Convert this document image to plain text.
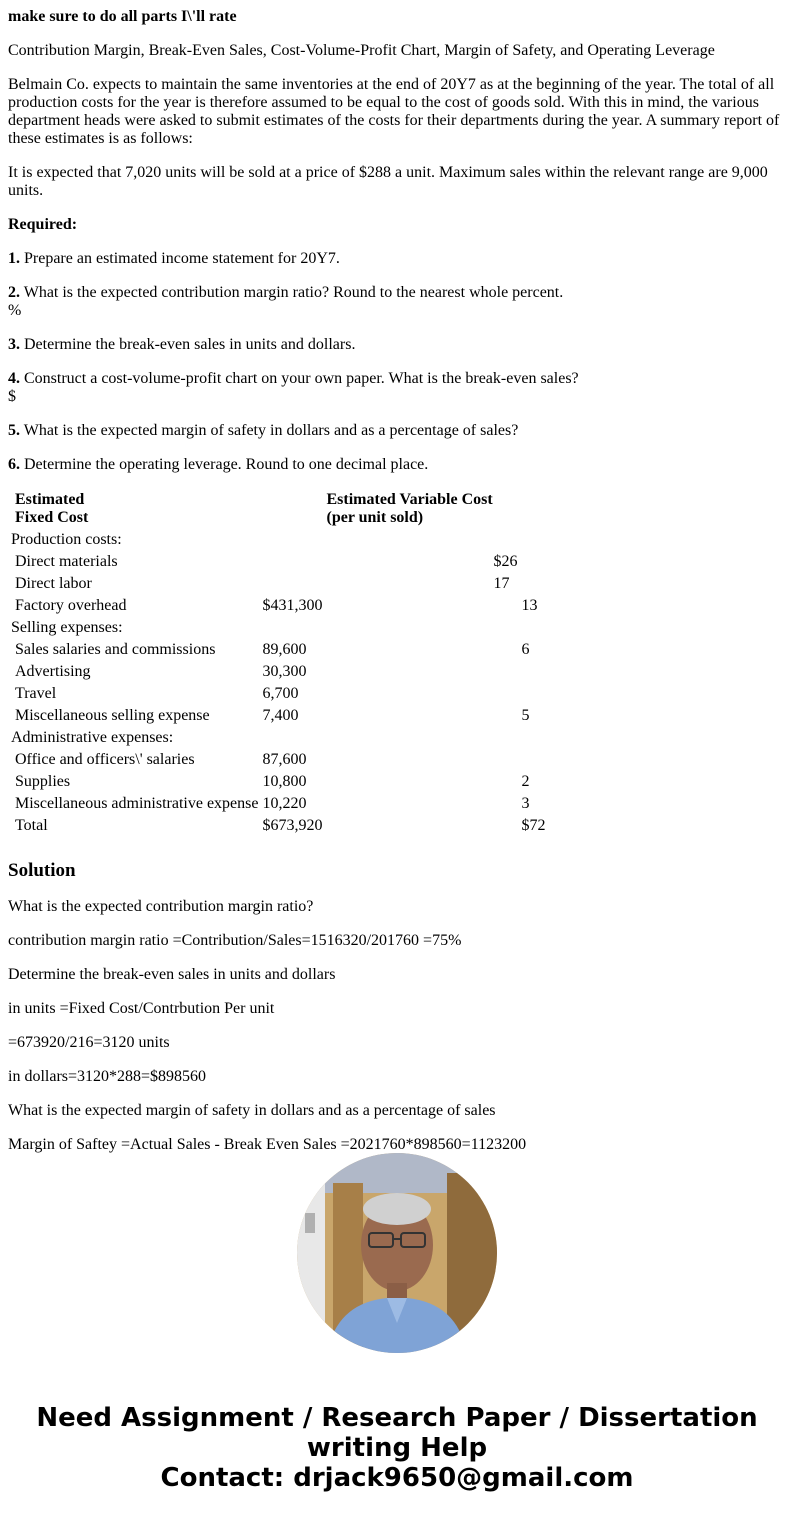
make sure to do all parts I\'ll rate

Contribution Margin, Break-Even Sales, Cost-Volume-Profit Chart, Margin of Safety, and Operating Leverage

Belmain Co. expects to maintain the same inventories at the end of 20Y7 as at the beginning of the year. The total of all production costs for the year is therefore assumed to be equal to the cost of goods sold. With this in mind, the various department heads were asked to submit estimates of the costs for their departments during the year. A summary report of these estimates is as follows:

It is expected that 7,020 units will be sold at a price of $288 a unit. Maximum sales within the relevant range are 9,000 units.

Required:

1. Prepare an estimated income statement for 20Y7.

2. What is the expected contribution margin ratio? Round to the nearest whole percent.
%

3. Determine the break-even sales in units and dollars.

4. Construct a cost-volume-profit chart on your own paper. What is the break-even sales?
$

5. What is the expected margin of safety in dollars and as a percentage of sales?

6. Determine the operating leverage. Round to one decimal place.

	Estimated
Fixed Cost		Estimated Variable Cost
(per unit sold)	
Production costs:				
	Direct materials		$26	
	Direct labor		17	
	Factory overhead	$431,300		13
Selling expenses:				
	Sales salaries and commissions	89,600		6
	Advertising	30,300		
	Travel	6,700		
	Miscellaneous selling expense	7,400		5
Administrative expenses:				
	Office and officers\' salaries	87,600		
	Supplies	10,800		2
	Miscellaneous administrative expense	10,220		3
	Total	$673,920		$72
Solution

What is the expected contribution margin ratio?

contribution margin ratio =Contribution/Sales=1516320/201760 =75%

Determine the break-even sales in units and dollars

in units =Fixed Cost/Contrbution Per unit

=673920/216=3120 units

in dollars=3120*288=$898560

What is the expected margin of safety in dollars and as a percentage of sales

Margin of Saftey =Actual Sales - Break Even Sales =2021760*898560=1123200

Need Assignment / Research Paper / Dissertation
writing Help
Contact: drjack9650@gmail.com
